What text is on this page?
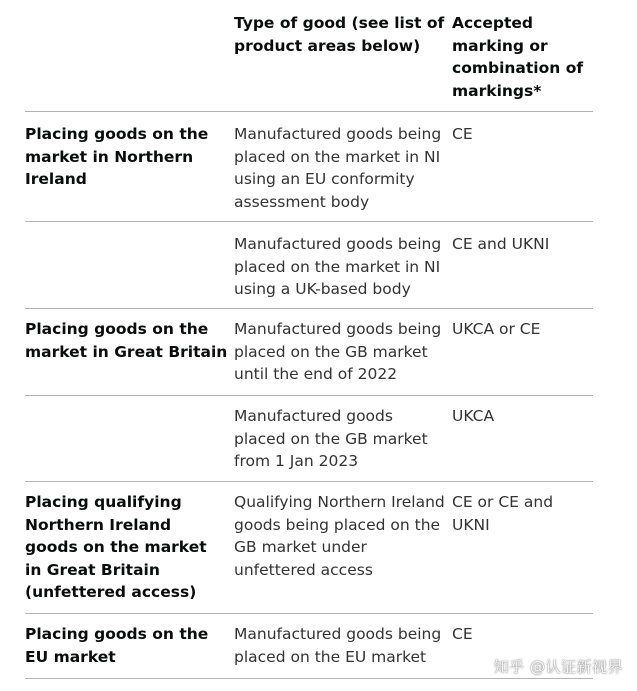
Type of good (see list of product areas below)
Accepted marking or combination of markings*
Placing goods on the market in Northern Ireland
Manufactured goods being placed on the market in NI using an EU conformity assessment body
CE
Manufactured goods being placed on the market in NI using a UK-based body
CE and UKNI
Placing goods on the market in Great Britain
Manufactured goods being placed on the GB market until the end of 2022
UKCA or CE
Manufactured goods placed on the GB market from 1 Jan 2023
UKCA
Placing qualifying Northern Ireland goods on the market in Great Britain (unfettered access)
Qualifying Northern Ireland goods being placed on the GB market under unfettered access
CE or CE and UKNI
Placing goods on the EU market
Manufactured goods being placed on the EU market
CE
知乎 @认证新视界
